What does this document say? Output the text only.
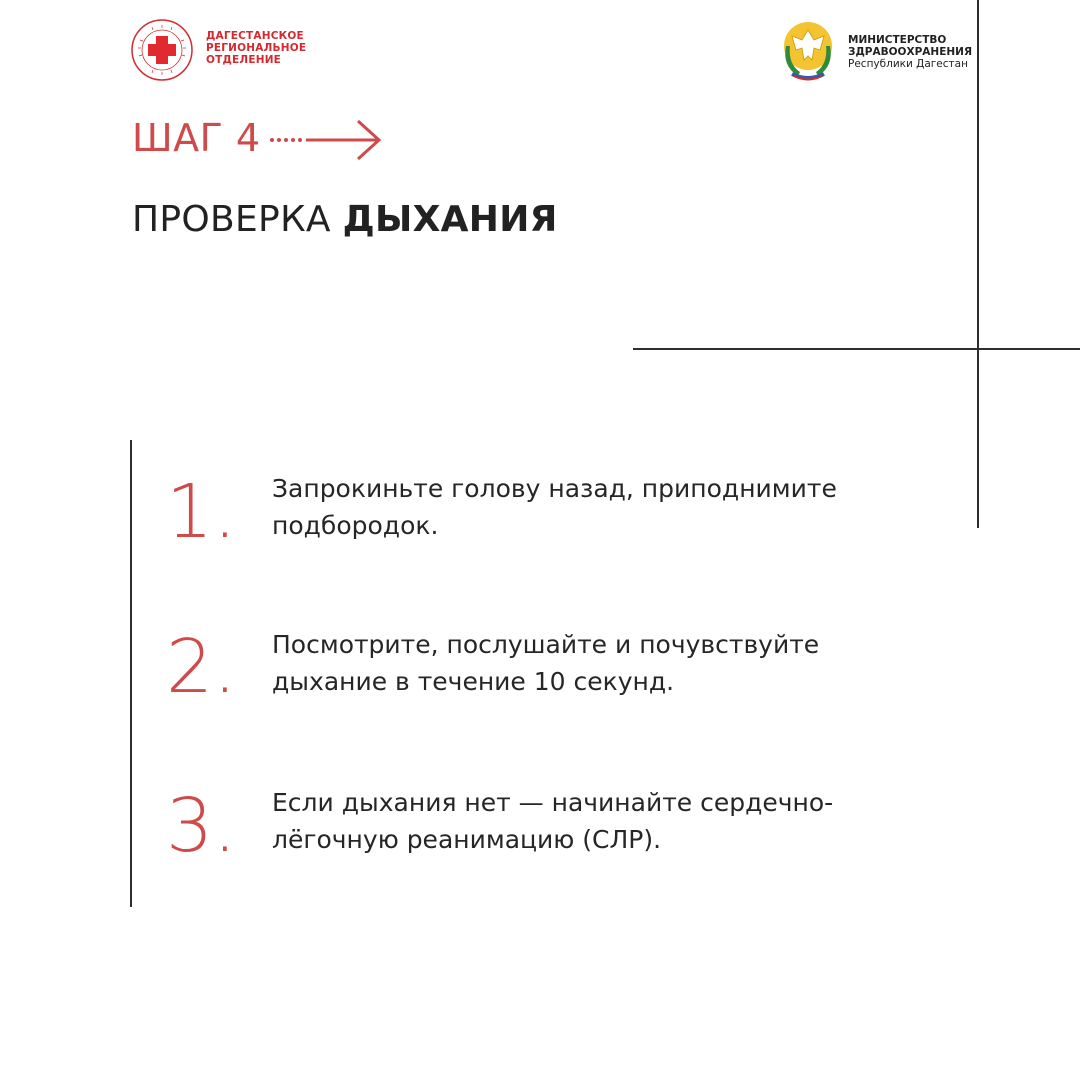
ДАГЕСТАНСКОЕ
РЕГИОНАЛЬНОЕ
ОТДЕЛЕНИЕ
МИНИСТЕРСТВО
ЗДРАВООХРАНЕНИЯ
Республики Дагестан
ШАГ 4
ПРОВЕРКА ДЫХАНИЯ
1. Запрокиньте голову назад, приподнимите
подбородок.
2. Посмотрите, послушайте и почувствуйте
дыхание в течение 10 секунд.
3. Если дыхания нет — начинайте сердечно-
лёгочную реанимацию (СЛР).
